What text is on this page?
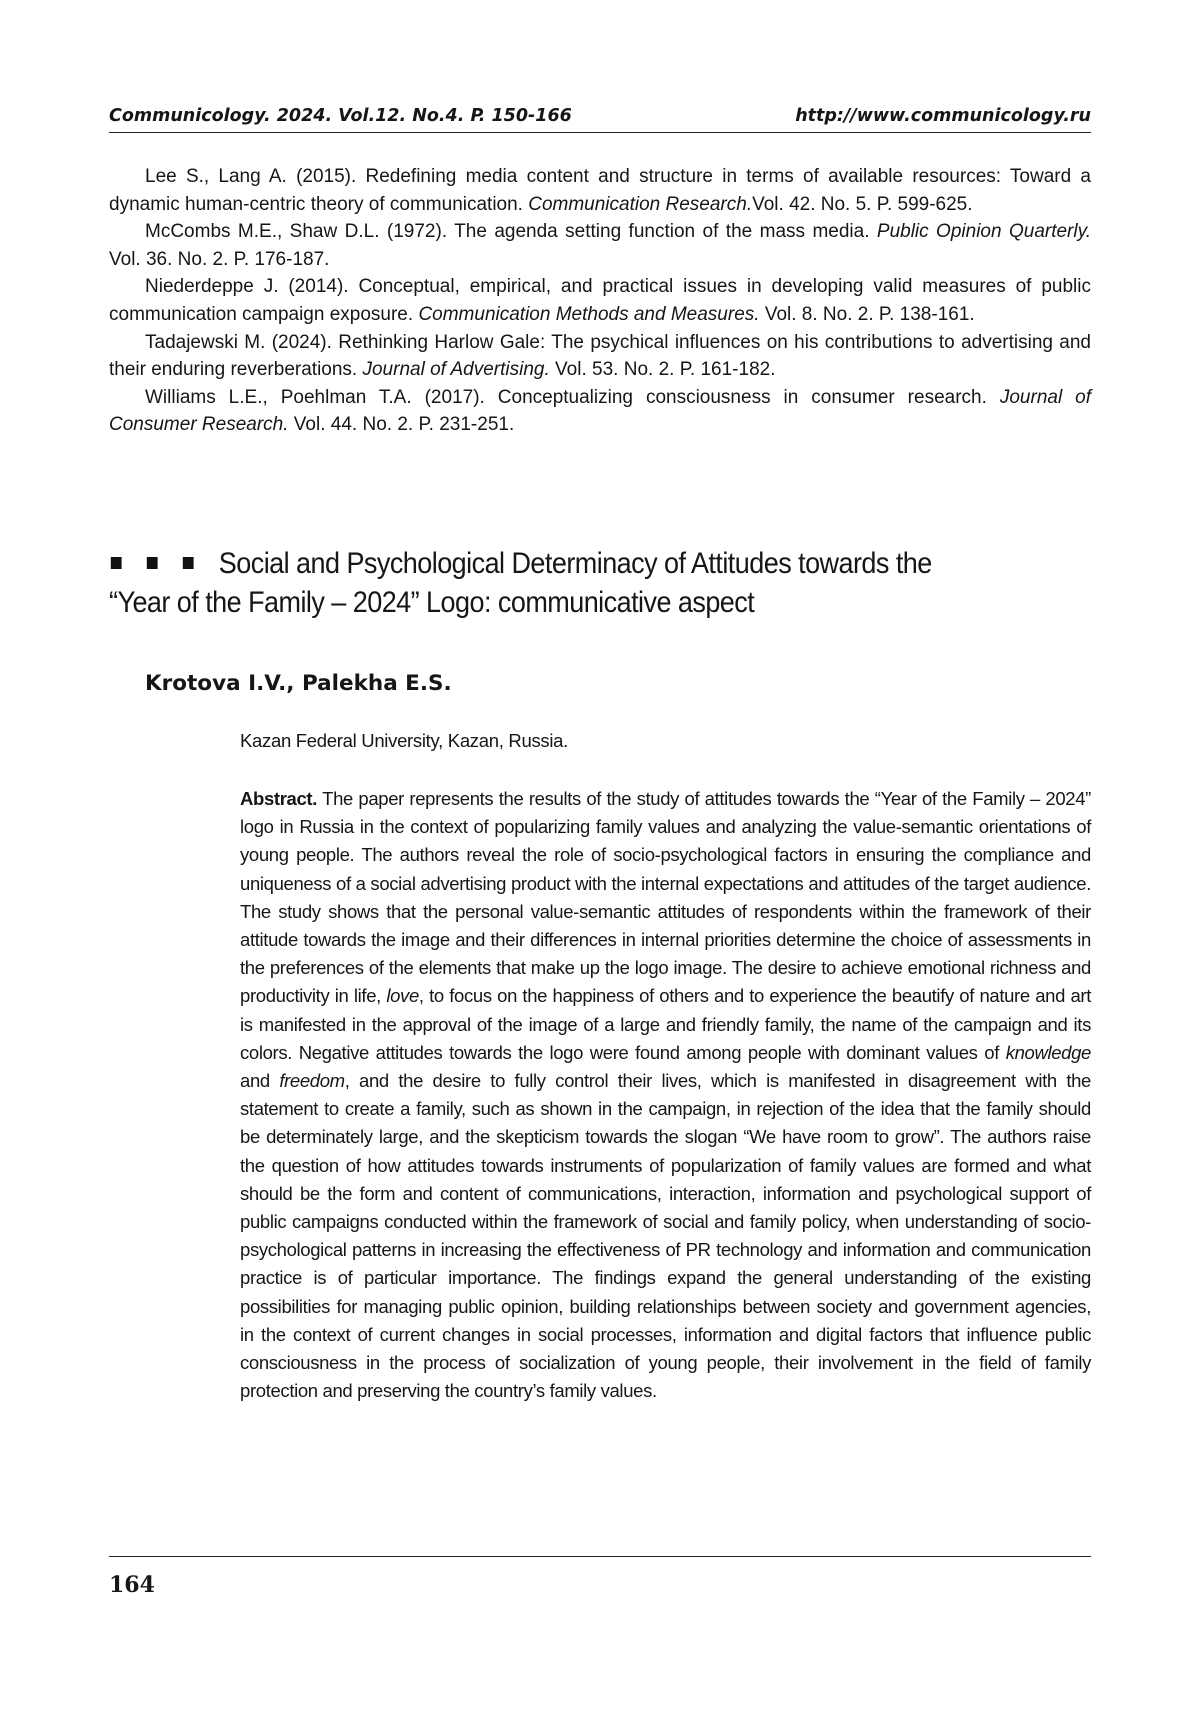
Communicology. 2024. Vol.12. No.4. P. 150-166	http://www.communicology.ru

Lee S., Lang A. (2015). Redefining media content and structure in terms of available resources: Toward a dynamic human-centric theory of communication. Communication Research.Vol. 42. No. 5. P. 599-625.

McCombs M.E., Shaw D.L. (1972). The agenda setting function of the mass media. Public Opinion Quarterly. Vol. 36. No. 2. P. 176-187.

Niederdeppe J. (2014). Conceptual, empirical, and practical issues in developing valid measures of public communication campaign exposure. Communication Methods and Measures. Vol. 8. No. 2. P. 138-161.

Tadajewski M. (2024). Rethinking Harlow Gale: The psychical influences on his contributions to advertising and their enduring reverberations. Journal of Advertising. Vol. 53. No. 2. P. 161-182.

Williams L.E., Poehlman T.A. (2017). Conceptualizing consciousness in consumer research. Journal of Consumer Research. Vol. 44. No. 2. P. 231-251.

Social and Psychological Determinacy of Attitudes towards the “Year of the Family – 2024” Logo: communicative aspect
Krotova I.V., Palekha E.S.
Kazan Federal University, Kazan, Russia.
Abstract. The paper represents the results of the study of attitudes towards the “Year of the Family – 2024” logo in Russia in the context of popularizing family values and analyzing the value-semantic orientations of young people. The authors reveal the role of socio-psychological factors in ensuring the compliance and uniqueness of a social advertising product with the internal expectations and attitudes of the target audience. The study shows that the personal value-semantic attitudes of respondents within the framework of their attitude towards the image and their differences in internal priorities determine the choice of assessments in the preferences of the elements that make up the logo image. The desire to achieve emotional richness and productivity in life, love, to focus on the happiness of others and to experience the beautify of nature and art is manifested in the approval of the image of a large and friendly family, the name of the campaign and its colors. Negative attitudes towards the logo were found among people with dominant values of knowledge and freedom, and the desire to fully control their lives, which is manifested in disagreement with the statement to create a family, such as shown in the campaign, in rejection of the idea that the family should be determinately large, and the skepticism towards the slogan “We have room to grow”. The authors raise the question of how attitudes towards instruments of popularization of family values are formed and what should be the form and content of communications, interaction, information and psychological support of public campaigns conducted within the framework of social and family policy, when understanding of socio-psychological patterns in increasing the effectiveness of PR technology and information and communication practice is of particular importance. The findings expand the general understanding of the existing possibilities for managing public opinion, building relationships between society and government agencies, in the context of current changes in social processes, information and digital factors that influence public consciousness in the process of socialization of young people, their involvement in the field of family protection and preserving the country’s family values.
164
